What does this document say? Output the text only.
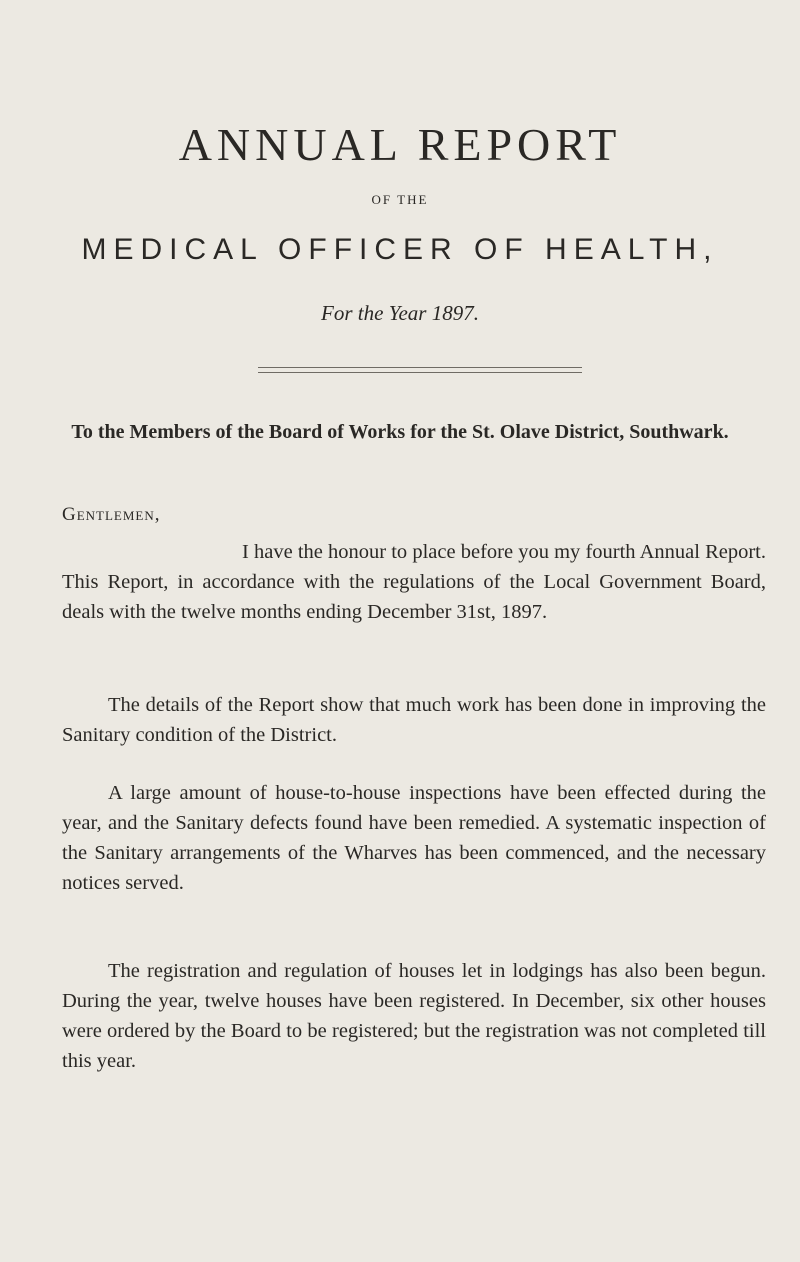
ANNUAL REPORT
OF THE
MEDICAL OFFICER OF HEALTH,
For the Year 1897.
To the Members of the Board of Works for the St. Olave District, Southwark.
Gentlemen,

I have the honour to place before you my fourth Annual Report. This Report, in accordance with the regulations of the Local Government Board, deals with the twelve months ending December 31st, 1897.

The details of the Report show that much work has been done in improving the Sanitary condition of the District.

A large amount of house-to-house inspections have been effected during the year, and the Sanitary defects found have been remedied. A systematic inspection of the Sanitary arrangements of the Wharves has been commenced, and the necessary notices served.

The registration and regulation of houses let in lodgings has also been begun. During the year, twelve houses have been registered. In December, six other houses were ordered by the Board to be registered; but the registration was not completed till this year.
